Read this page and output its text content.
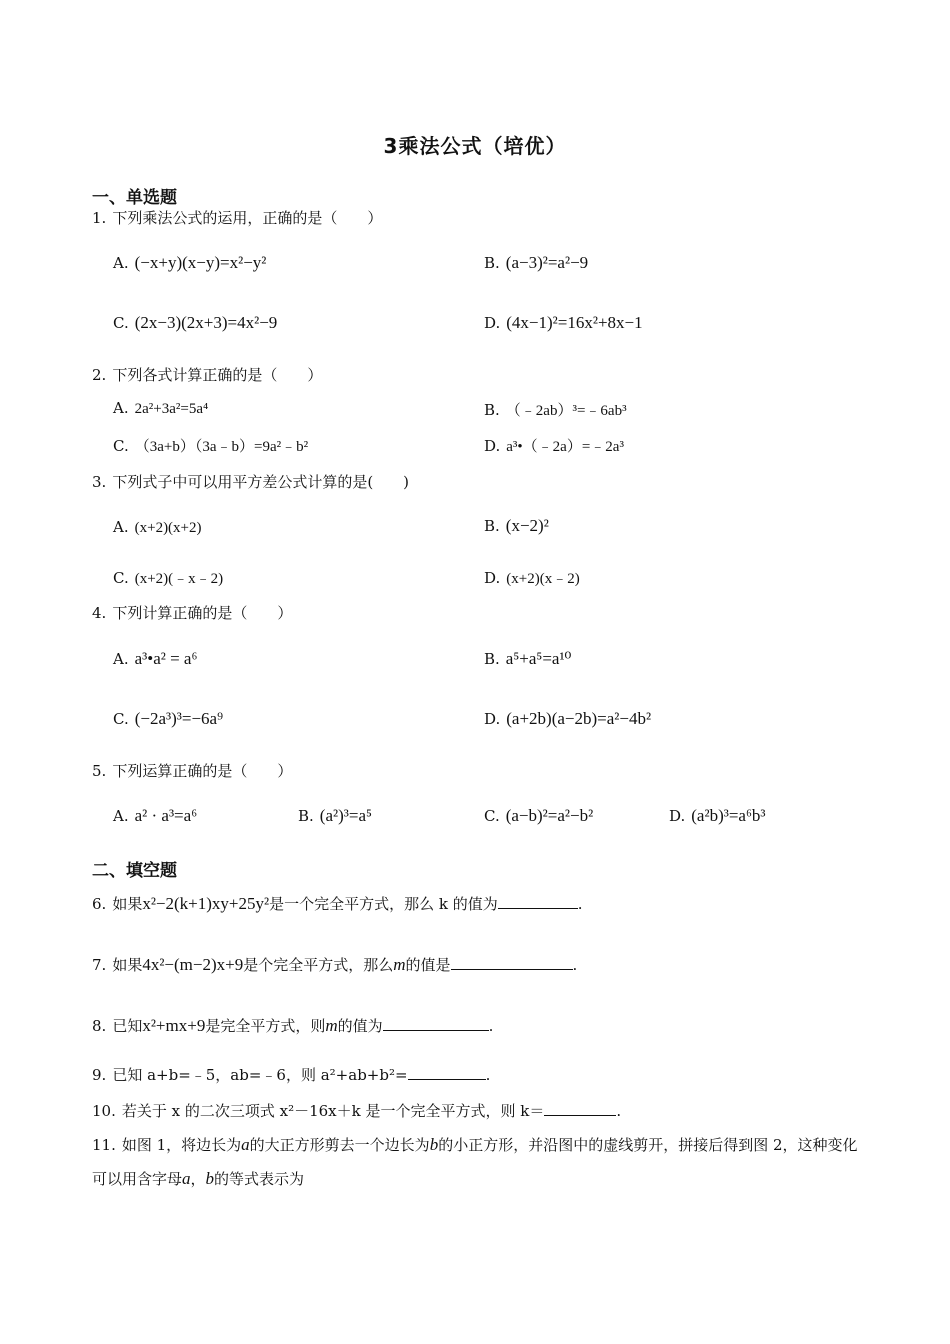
3乘法公式（培优）
一、单选题
1. 下列乘法公式的运用，正确的是（　　）
A. (−x+y)(x−y)=x²−y²	B. (a−3)²=a²−9
C. (2x−3)(2x+3)=4x²−9	D. (4x−1)²=16x²+8x−1
2. 下列各式计算正确的是（　　）
A. 2a²+3a²=5a⁴	B. （﹣2ab）³=﹣6ab³
C. （3a+b）（3a﹣b）=9a²﹣b²	D. a³•（﹣2a）=﹣2a³
3. 下列式子中可以用平方差公式计算的是(　　)
A. (x+2)(x+2)	B. (x−2)²
C. (x+2)(﹣x﹣2)	D. (x+2)(x﹣2)
4. 下列计算正确的是（　　）
A. a³•a² = a⁶	B. a⁵+a⁵=a¹⁰
C. (−2a³)³=−6a⁹	D. (a+2b)(a−2b)=a²−4b²
5. 下列运算正确的是（　　）
A. a² · a³=a⁶	B. (a²)³=a⁵	C. (a−b)²=a²−b²	D. (a²b)³=a⁶b³
二、填空题
6. 如果x²−2(k+1)xy+25y²是一个完全平方式，那么 k 的值为	.
7. 如果4x²−(m−2)x+9是个完全平方式，那么m的值是	.
8. 已知x²+mx+9是完全平方式，则m的值为	.
9. 已知 a+b=﹣5，ab=﹣6，则 a²+ab+b²=	.
10. 若关于 x 的二次三项式 x²－16x＋k 是一个完全平方式，则 k＝	.
11. 如图 1，将边长为a的大正方形剪去一个边长为b的小正方形，并沿图中的虚线剪开，拼接后得到图 2，这种变化可以用含字母a，b的等式表示为
